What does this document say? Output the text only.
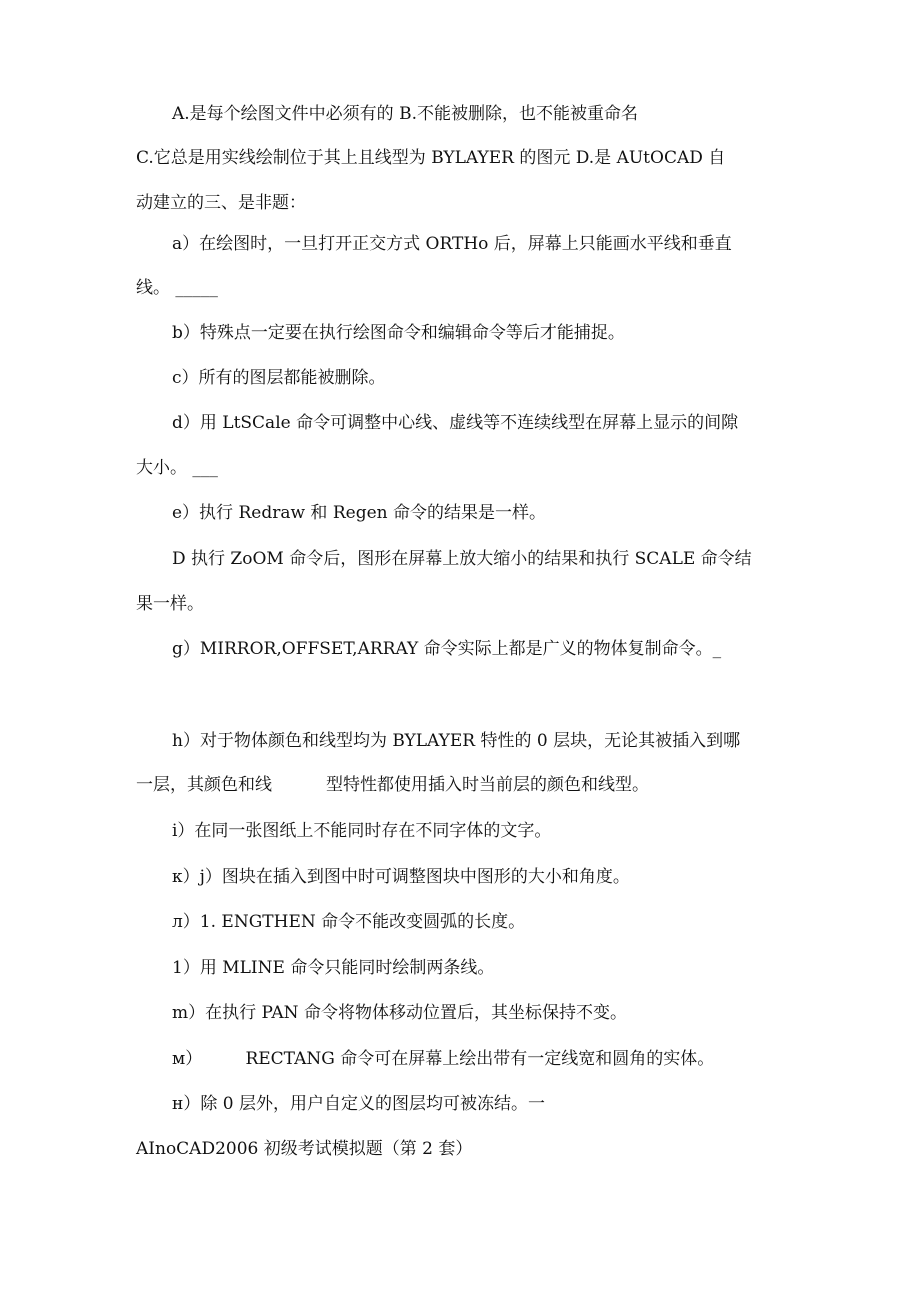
A.是每个绘图文件中必须有的 B.不能被删除，也不能被重命名
C.它总是用实线绘制位于其上且线型为 BYLAYER 的图元 D.是 AUtOCAD 自
动建立的三、是非题：
a）在绘图时，一旦打开正交方式 ORTHo 后，屏幕上只能画水平线和垂直
线。 _____
b）特殊点一定要在执行绘图命令和编辑命令等后才能捕捉。
c）所有的图层都能被删除。
d）用 LtSCale 命令可调整中心线、虚线等不连续线型在屏幕上显示的间隙
大小。 ___
e）执行 Redraw 和 Regen 命令的结果是一样。
D 执行 ZoOM 命令后，图形在屏幕上放大缩小的结果和执行 SCALE 命令结
果一样。
g）MIRROR,OFFSET,ARRAY 命令实际上都是广义的物体复制命令。_
h）对于物体颜色和线型均为 BYLAYER 特性的 0 层块，无论其被插入到哪
一层，其颜色和线          型特性都使用插入时当前层的颜色和线型。
i）在同一张图纸上不能同时存在不同字体的文字。
к）j）图块在插入到图中时可调整图块中图形的大小和角度。
л）1. ENGTHEN 命令不能改变圆弧的长度。
1）用 MLINE 命令只能同时绘制两条线。
m）在执行 PAN 命令将物体移动位置后，其坐标保持不变。
м）        RECTANG 命令可在屏幕上绘出带有一定线宽和圆角的实体。
н）除 0 层外，用户自定义的图层均可被冻结。一
AInoCAD2006 初级考试模拟题（第 2 套）
